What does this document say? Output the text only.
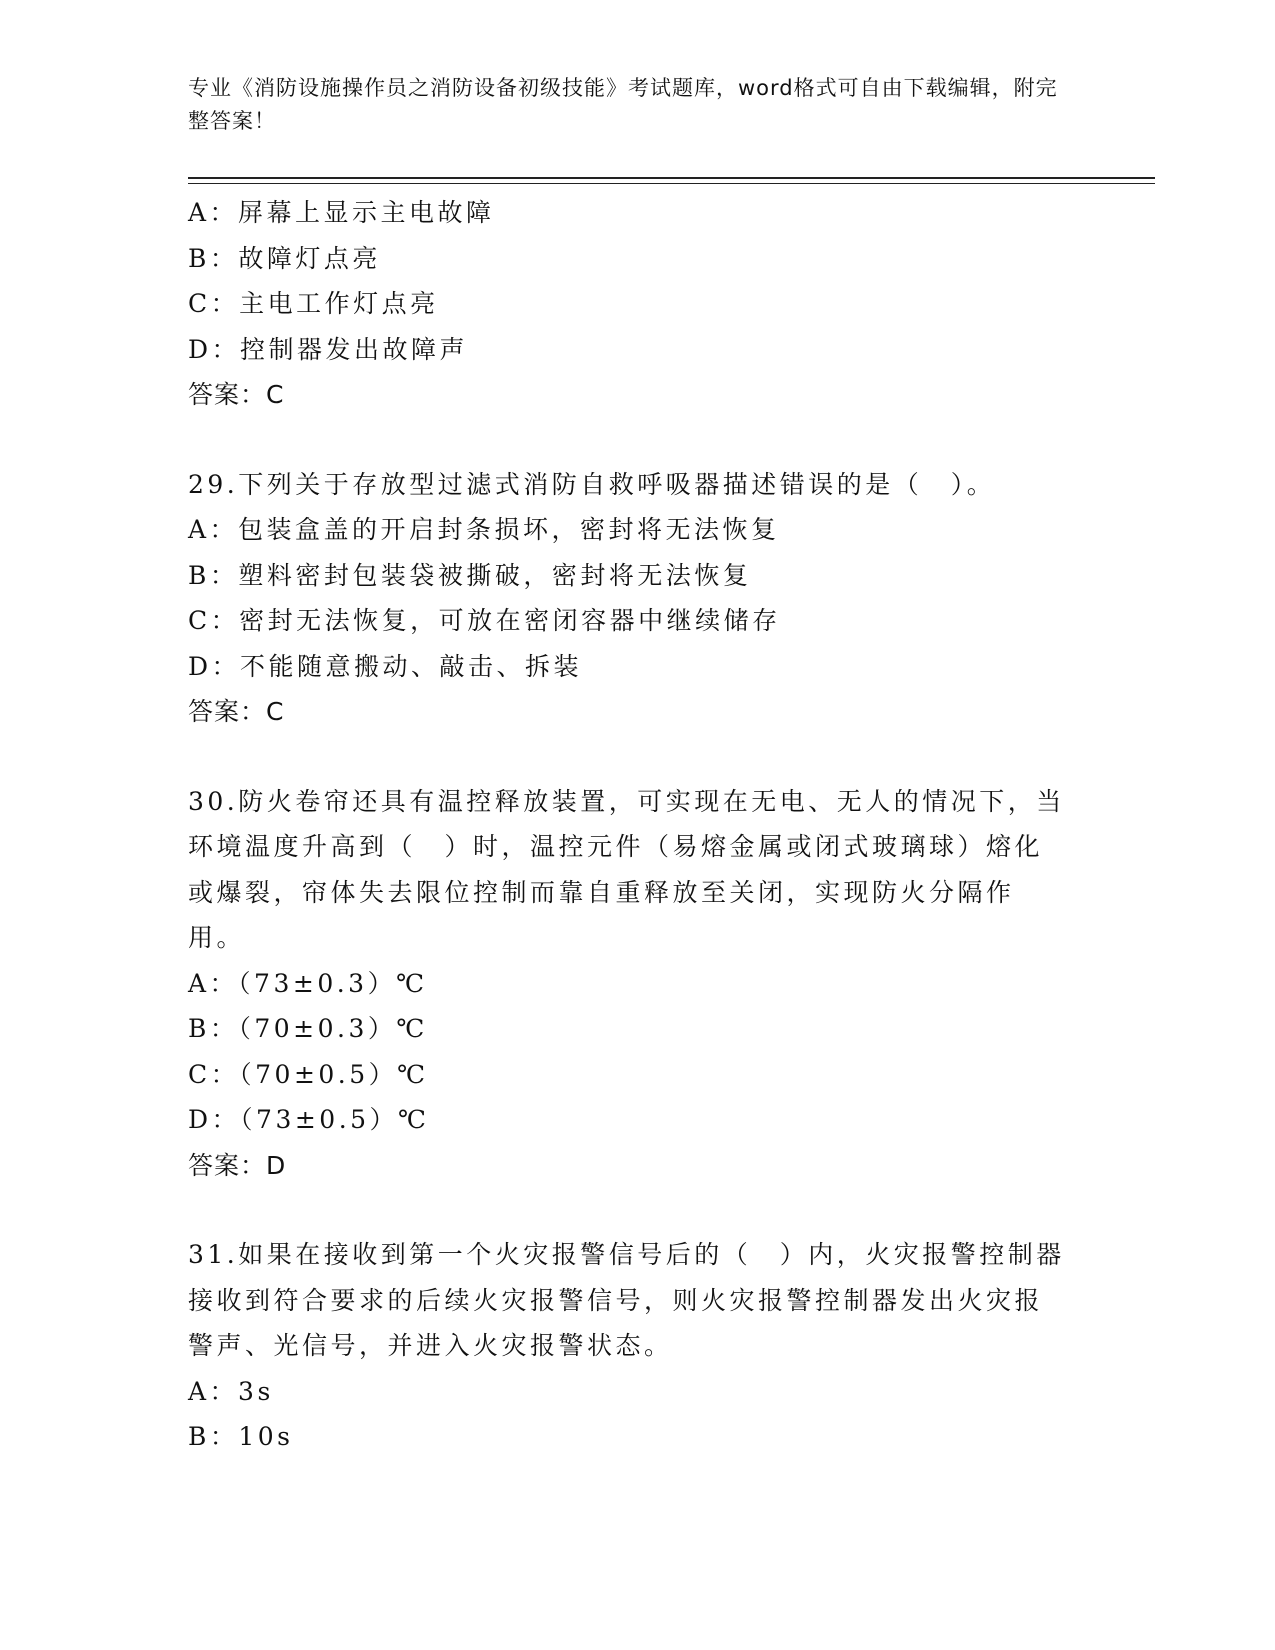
专业《消防设施操作员之消防设备初级技能》考试题库，word格式可自由下载编辑，附完整答案！
A：屏幕上显示主电故障
B：故障灯点亮
C：主电工作灯点亮
D：控制器发出故障声
答案：C
29.下列关于存放型过滤式消防自救呼吸器描述错误的是（　）。
A：包装盒盖的开启封条损坏，密封将无法恢复
B：塑料密封包装袋被撕破，密封将无法恢复
C：密封无法恢复，可放在密闭容器中继续储存
D：不能随意搬动、敲击、拆装
答案：C
30.防火卷帘还具有温控释放装置，可实现在无电、无人的情况下，当环境温度升高到（　）时，温控元件（易熔金属或闭式玻璃球）熔化或爆裂，帘体失去限位控制而靠自重释放至关闭，实现防火分隔作用。
A：（73±0.3）℃
B：（70±0.3）℃
C：（70±0.5）℃
D：（73±0.5）℃
答案：D
31.如果在接收到第一个火灾报警信号后的（　）内，火灾报警控制器接收到符合要求的后续火灾报警信号，则火灾报警控制器发出火灾报警声、光信号，并进入火灾报警状态。
A：3s
B：10s
